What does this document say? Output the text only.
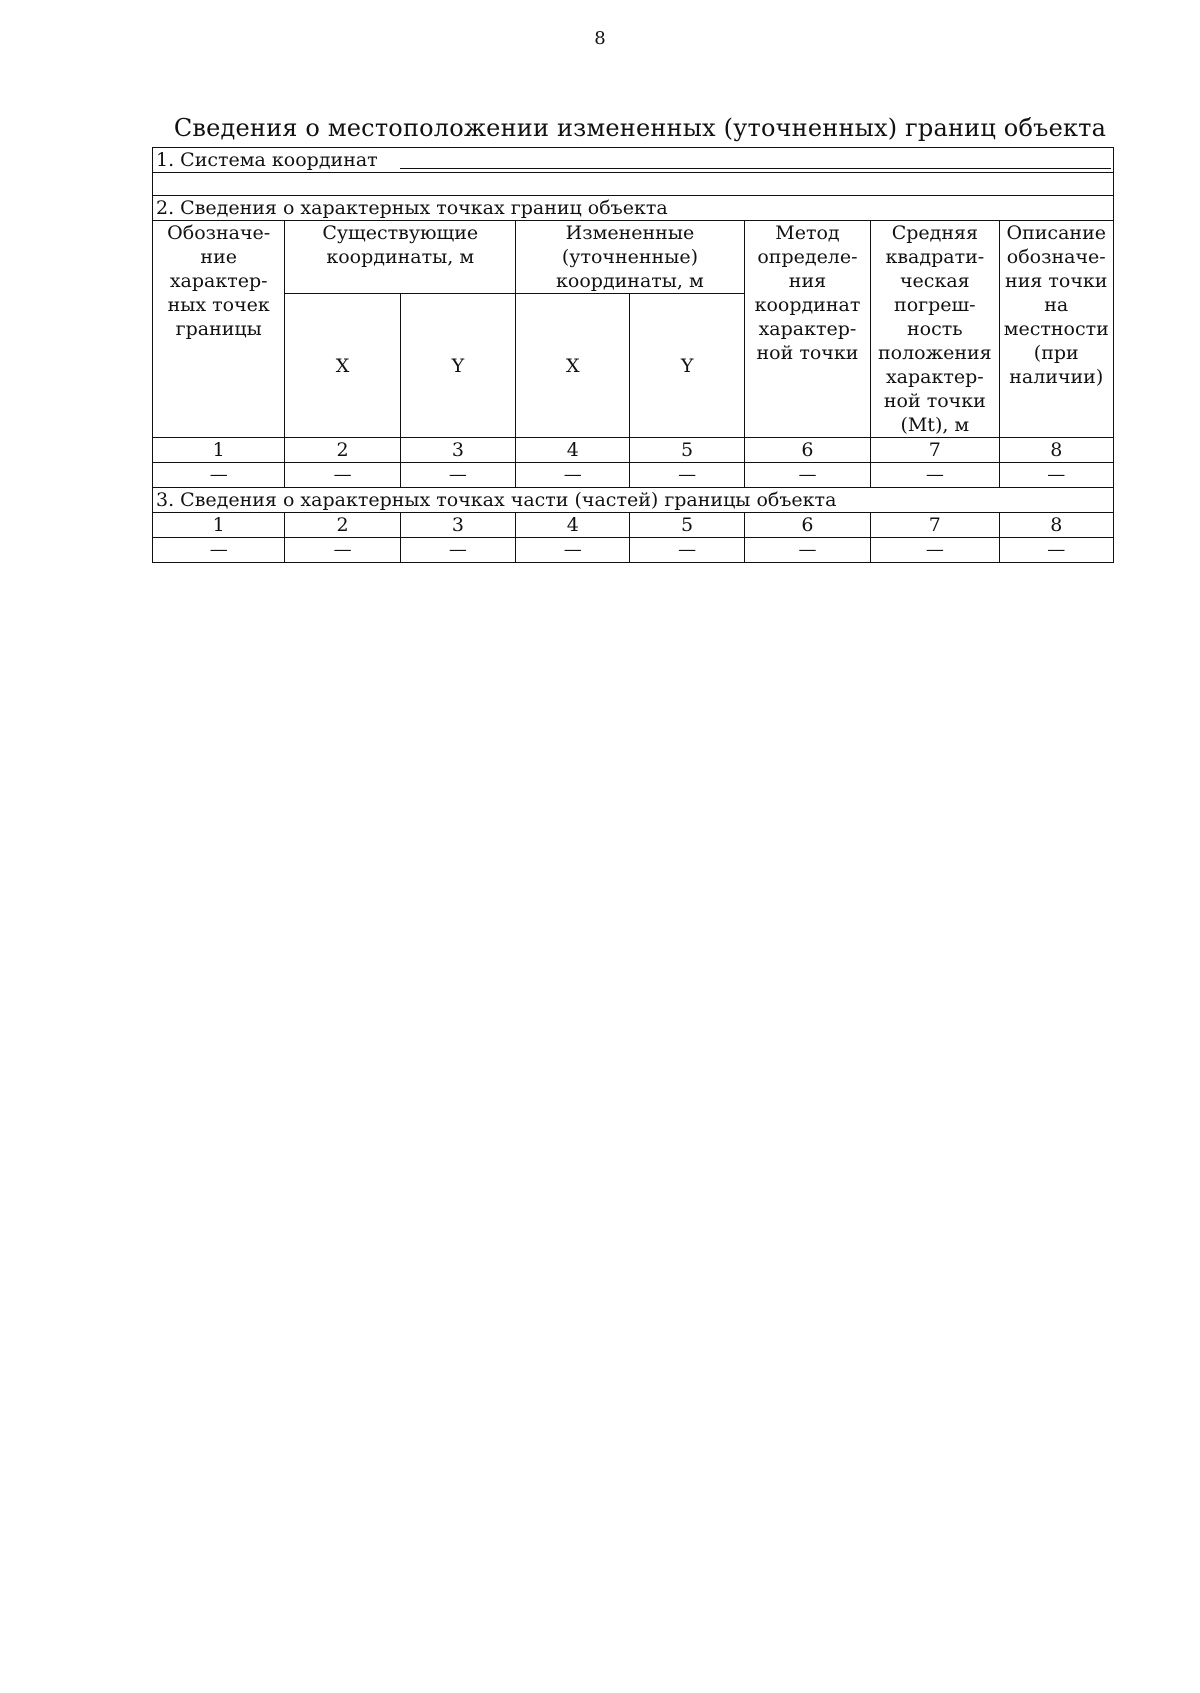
8
Сведения о местоположении измененных (уточненных) границ объекта
1. Система координат							

2. Сведения о характерных точках границ объекта							
Обозначе-ние характер-ных точек границы	Существующие координаты, м		Измененные (уточненные) координаты, м		Метод определе-ния координат характер-ной точки	Средняя квадрати-ческая погреш-ность положения характер-ной точки (Mt), м	Описание обозначе-ния точки на местности (при наличии)
	X	Y	X	Y			
1	2	3	4	5	6	7	8
—	—	—	—	—	—	—	—
3. Сведения о характерных точках части (частей) границы объекта							
1	2	3	4	5	6	7	8
—	—	—	—	—	—	—	—
